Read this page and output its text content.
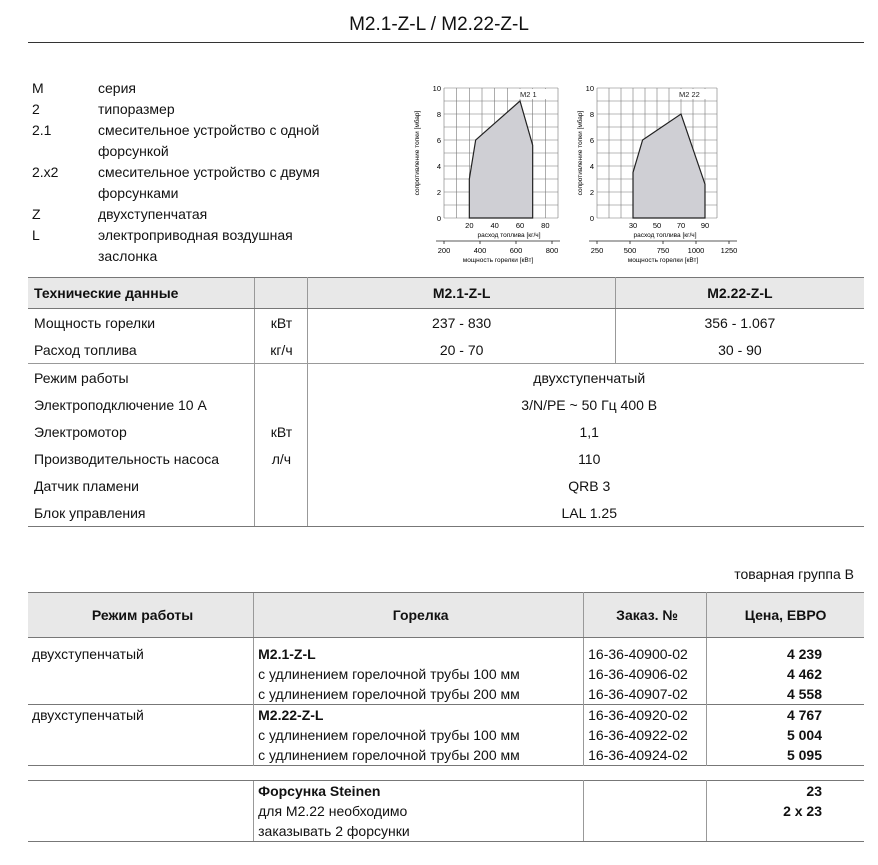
M2.1-Z-L / M2.22-Z-L
M	серия
2	типоразмер
2.1	смесительное устройство с одной форсункой
2.x2	смесительное устройство с двумя форсунками
Z	двухступенчатая
L	электроприводная воздушная заслонка
M2 1
0
2
4
6
8
10
сопротивление топки [мбар]
20 40 60 80
расход топлива [кг/ч]
200	400	600	800
мощность горелки [кВт]
M2 22
0
2
4
6
8
10
сопротивление топки [мбар]
30 50 70 90
расход топлива [кг/ч]
250	500	750 1000 1250
мощность горелки [кВт]
Технические данные		M2.1-Z-L	M2.22-Z-L
Мощность горелки	кВт	237 - 830	356 - 1.067
Расход топлива	кг/ч	20 - 70	30 - 90
Режим работы		двухступенчатый	
Электроподключение 10 А		3/N/PE ~ 50 Гц 400 В	
Электромотор	кВт	1,1	
Производительность насоса	л/ч	110	
Датчик пламени		QRB 3	
Блок управления		LAL 1.25	
товарная группа В
Режим работы	Горелка	Заказ. №	Цена, ЕВРО
двухступенчатый	M2.1-Z-L	16-36-40900-02	4 239
	с удлинением горелочной трубы 100 мм	16-36-40906-02	4 462
	с удлинением горелочной трубы 200 мм	16-36-40907-02	4 558
двухступенчатый	M2.22-Z-L	16-36-40920-02	4 767
	с удлинением горелочной трубы 100 мм	16-36-40922-02	5 004
	с удлинением горелочной трубы 200 мм	16-36-40924-02	5 095

	Форсунка Steinen		23
	для M2.22 необходимо		2 x 23
	заказывать 2 форсунки		
